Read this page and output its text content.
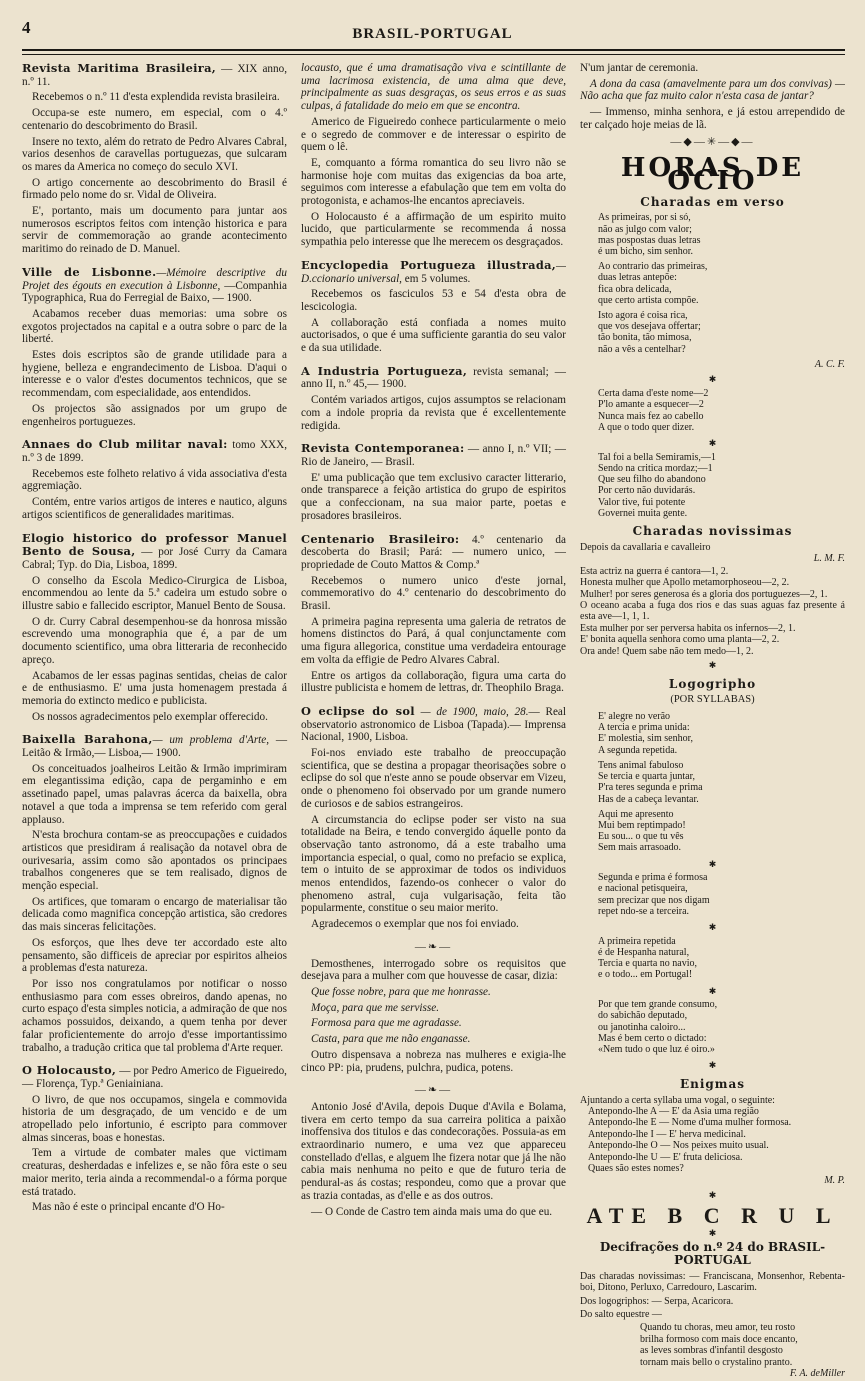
4	BRASIL-PORTUGAL

Revista Maritima Brasileira, — XIX anno, n.º 11.

Recebemos o n.º 11 d'esta explendida revista brasileira.

Occupa-se este numero, em especial, com o 4.º centenario do descobrimento do Brasil.

Insere no texto, além do retrato de Pedro Alvares Cabral, varios desenhos de caravellas portuguezas, que sulcaram os mares da America no começo do seculo XVI.

O artigo concernente ao descobrimento do Brasil é firmado pelo nome do sr. Vidal de Oliveira.

E', portanto, mais um documento para juntar aos numerosos escriptos feitos com intenção historica e para servir de commemoração ao grande acontecimento maritimo do reinado de D. Manuel.

Ville de Lisbonne.—Mémoire descriptive du Projet des égouts en execution à Lisbonne, —Companhia Typographica, Rua do Ferregial de Baixo, — 1900.

Acabamos receber duas memorias: uma sobre os exgotos projectados na capital e a outra sobre o parc de la liberté.

Estes dois escriptos são de grande utilidade para a hygiene, belleza e engrandecimento de Lisboa. D'aqui o interesse e o valor d'estes documentos technicos, que se recommendam, com especialidade, aos entendidos.

Os projectos são assignados por um grupo de engenheiros portuguezes.

Annaes do Club militar naval: tomo XXX, n.º 3 de 1899.

Recebemos este folheto relativo á vida associativa d'esta aggremiação.

Contém, entre varios artigos de interes e nautico, alguns artigos scientificos de generalidades maritimas.

Elogio historico do professor Manuel Bento de Sousa, — por José Curry da Camara Cabral; Typ. do Dia, Lisboa, 1899.

O conselho da Escola Medico-Cirurgica de Lisboa, encommendou ao lente da 5.ª cadeira um estudo sobre o illustre sabio e fallecido escriptor, Manuel Bento de Sousa.

O dr. Curry Cabral desempenhou-se da honrosa missão escrevendo uma monographia que é, a par de um documento scientifico, uma obra litteraria de reconhecido apreço.

Acabamos de ler essas paginas sentidas, cheias de calor e de enthusiasmo. E' uma justa homenagem prestada á memoria do extincto medico e publicista.

Os nossos agradecimentos pelo exemplar offerecido.

Baixella Barahona,— um problema d'Arte, — Leitão & Irmão,— Lisboa,— 1900.

Os conceituados joalheiros Leitão & Irmão imprimiram em elegantissima edição, capa de pergaminho e em assetinado papel, umas palavras ácerca da baixella, obra notavel a que toda a imprensa se tem referido com geral applauso.

N'esta brochura contam-se as preoccupações e cuidados artisticos que presidiram á realisação da notavel obra de ourivesaria, assim como são apontados os principaes trabalhos congeneres que se tem realisado, dignos de menção especial.

Os artifices, que tomaram o encargo de materialisar tão delicada como magnifica concepção artistica, são credores das mais sinceras felicitações.

Os esforços, que lhes deve ter accordado este alto pensamento, são difficeis de apreciar por espiritos alheios a problemas d'esta natureza.

Por isso nos congratulamos por notificar o nosso enthusiasmo para com esses obreiros, dando apenas, no curto espaço d'esta simples noticia, a admiração de que nos achamos possuidos, deixando, a quem tenha por dever falar proficientemente do arrojo d'esse importantissimo trabalho, a tradução critica que tal problema d'Arte requer.

O Holocausto, — por Pedro Americo de Figueiredo,— Florença, Typ.ª Geniainiana.

O livro, de que nos occupamos, singela e commovida historia de um desgraçado, de um vencido e de um atropellado pelo infortunio, é escripto para commover almas sinceras, boas e honestas.

Tem a virtude de combater males que victimam creaturas, desherdadas e infelizes e, se não fôra este o seu maior merito, teria ainda a recommendal-o a fórma porque está tratado.

Mas não é este o principal encante d'O Ho-

locausto, que é uma dramatisação viva e scintillante de uma lacrimosa existencia, de uma alma que deve, principalmente as suas desgraças, os seus erros e as suas culpas, á fatalidade do meio em que se encontra.

Americo de Figueiredo conhece particularmente o meio e o segredo de commover e de interessar o espirito de quem o lê.

E, comquanto a fórma romantica do seu livro não se harmonise hoje com muitas das exigencias da boa arte, seguimos com interesse a efabulação que tem em volta do protogonista, e achamos-lhe encantos apreciaveis.

O Holocausto é a affirmação de um espirito muito lucido, que particularmente se recommenda á nossa sympathia pelo interesse que lhe merecem os desgraçados.

Encyclopedia Portugueza illustrada,—D.ccionario universal, em 5 volumes.

Recebemos os fasciculos 53 e 54 d'esta obra de lescicologia.

A collaboração está confiada a nomes muito auctorisados, o que é uma sufficiente garantia do seu valor e da sua utilidade.

A Industria Portugueza, revista semanal; — anno II, n.º 45,— 1900.

Contém variados artigos, cujos assumptos se relacionam com a indole propria da revista que é excellentemente redigida.

Revista Contemporanea: — anno I, n.º VII; — Rio de Janeiro, — Brasil.

E' uma publicação que tem exclusivo caracter litterario, onde transparece a feição artistica do grupo de espiritos que a confeccionam, na sua maior parte, poetas e prosadores brasileiros.

Centenario Brasileiro: 4.º centenario da descoberta do Brasil; Pará: — numero unico, — propriedade de Couto Mattos & Comp.ª

Recebemos o numero unico d'este jornal, commemorativo do 4.º centenario do descobrimento do Brasil.

A primeira pagina representa uma galeria de retratos de homens distinctos do Pará, á qual conjunctamente com uma figura allegorica, constitue uma verdadeira entourage em volta da effigie de Pedro Alvares Cabral.

Entre os artigos da collaboração, figura uma carta do illustre publicista e homem de lettras, dr. Theophilo Braga.

O eclipse do sol — de 1900, maio, 28.— Real observatorio astronomico de Lisboa (Tapada).— Imprensa Nacional, 1900, Lisboa.

Foi-nos enviado este trabalho de preoccupação scientifica, que se destina a propagar theorisações sobre o eclipse do sol que n'este anno se poude observar em Vizeu, onde o phenomeno foi observado por um grande numero de curiosos e de sabios estrangeiros.

A circumstancia do eclipse poder ser visto na sua totalidade na Beira, e tendo convergido áquelle ponto da observação tanto astronomo, dá a este trabalho uma importancia especial, o qual, como no prefacio se explica, tem o intuito de se approximar de todos os individuos menos entendidos, fazendo-os conhecer o valor do phenomeno astral, cuja vulgarisação, feita tão popularmente, constitue o seu maior merito.

Agradecemos o exemplar que nos foi enviado.

—❧—

Demosthenes, interrogado sobre os requisitos que desejava para a mulher com que houvesse de casar, dizia:

Que fosse nobre, para que me honrasse.

Moça, para que me servisse.

Formosa para que me agradasse.

Casta, para que me não enganasse.

Outro dispensava a nobreza nas mulheres e exigia-lhe cinco PP: pia, prudens, pulchra, pudica, potens.

—❧—

Antonio José d'Avila, depois Duque d'Avila e Bolama, tivera em certo tempo da sua carreira politica a paixão inoffensiva dos titulos e das condecorações. Possuia-as em extraordinario numero, e uma vez que appareceu constellado d'ellas, e alguem lhe fizera notar que já lhe não cabia mais nenhuma no peito e que de futuro teria de pendural-as ás costas; respondeu, como que a provar que as trazia contadas, as d'elle e as dos outros.

— O Conde de Castro tem ainda mais uma do que eu.

N'um jantar de ceremonia.

A dona da casa (amavelmente para um dos convivas) — Não acha que faz muito calor n'esta casa de jantar?

— Immenso, minha senhora, e já estou arrependido de ter calçado hoje meias de lã.

—◆—✳—◆—
HORAS DE OCIO
Charadas em verso
As primeiras, por si só,
não as julgo com valor;
mas pospostas duas letras
é um bicho, sim senhor.
Ao contrario das primeiras,
duas letras antepõe:
fica obra delicada,
que certo artista compõe.
Isto agora é coisa rica,
que vos desejava offertar;
tão bonita, tão mimosa,
não a vês a centelhar?
A. C. F.
✱
Certa dama d'este nome—2
P'lo amante a esquecer—2
Nunca mais fez ao cabello
A que o todo quer dizer.
✱
Tal foi a bella Semiramis,—1
Sendo na critica mordaz;—1
Que seu filho do abandono
Por certo não duvidarás.
Valor tive, fui potente
Governei muita gente.
Charadas novissimas
Depois da cavallaria e cavalleiro
L. M. F.
Esta actriz na guerra é cantora—1, 2.
Honesta mulher que Apollo metamorphoseou—2, 2.
Mulher! por seres generosa és a gloria dos portuguezes—2, 1.
O oceano acaba a fuga dos rios e das suas aguas faz presente á esta ave—1, 1, 1.
Esta mulher por ser perversa habita os infernos—2, 1.
E' bonita aquella senhora como uma planta—2, 2.
Ora ande! Quem sabe não tem medo—1, 2.
✱
Logogripho
(POR SYLLABAS)
E' alegre no verão
A tercia e prima unida:
E' molestia, sim senhor,
A segunda repetida.
Tens animal fabuloso
Se tercia e quarta juntar,
P'ra teres segunda e prima
Has de a cabeça levantar.
Aqui me apresento
Mui bem reptimpado!
Eu sou... o que tu vês
Sem mais arrasoado.
✱
Segunda e prima é formosa
e nacional petisqueira,
sem precizar que nos digam
repet ndo-se a terceira.
✱
A primeira repetida
é de Hespanha natural,
Tercia e quarta no navio,
e o todo... em Portugal!
✱
Por que tem grande consumo,
do sabichão deputado,
ou janotinha caloiro...
Mas é bem certo o dictado:
«Nem tudo o que luz é oiro.»
✱
Enigmas
Ajuntando a certa syllaba uma vogal, o seguinte:
Antepondo-lhe A — E' da Asia uma região
Antepondo-lhe E — Nome d'uma mulher formosa.
Antepondo-lhe I — E' herva medicinal.
Antepondo-lhe O — Nos peixes muito usual.
Antepondo-lhe U — E' fruta deliciosa.
Quaes são estes nomes?
M. P.
✱
ATE B C R U L
✱
Decifrações do n.º 24 do BRASIL-PORTUGAL
Das charadas novissimas: — Franciscana, Monsenhor, Rebenta-boi, Ditono, Perluxo, Carredouro, Lascarim.
Dos logogriphos: — Serpa, Acaricora.
Do salto equestre —
Quando tu choras, meu amor, teu rosto
brilha formoso com mais doce encanto,
as leves sombras d'infantil desgosto
tornam mais bello o crystalino pranto.
F. A. deMiller
